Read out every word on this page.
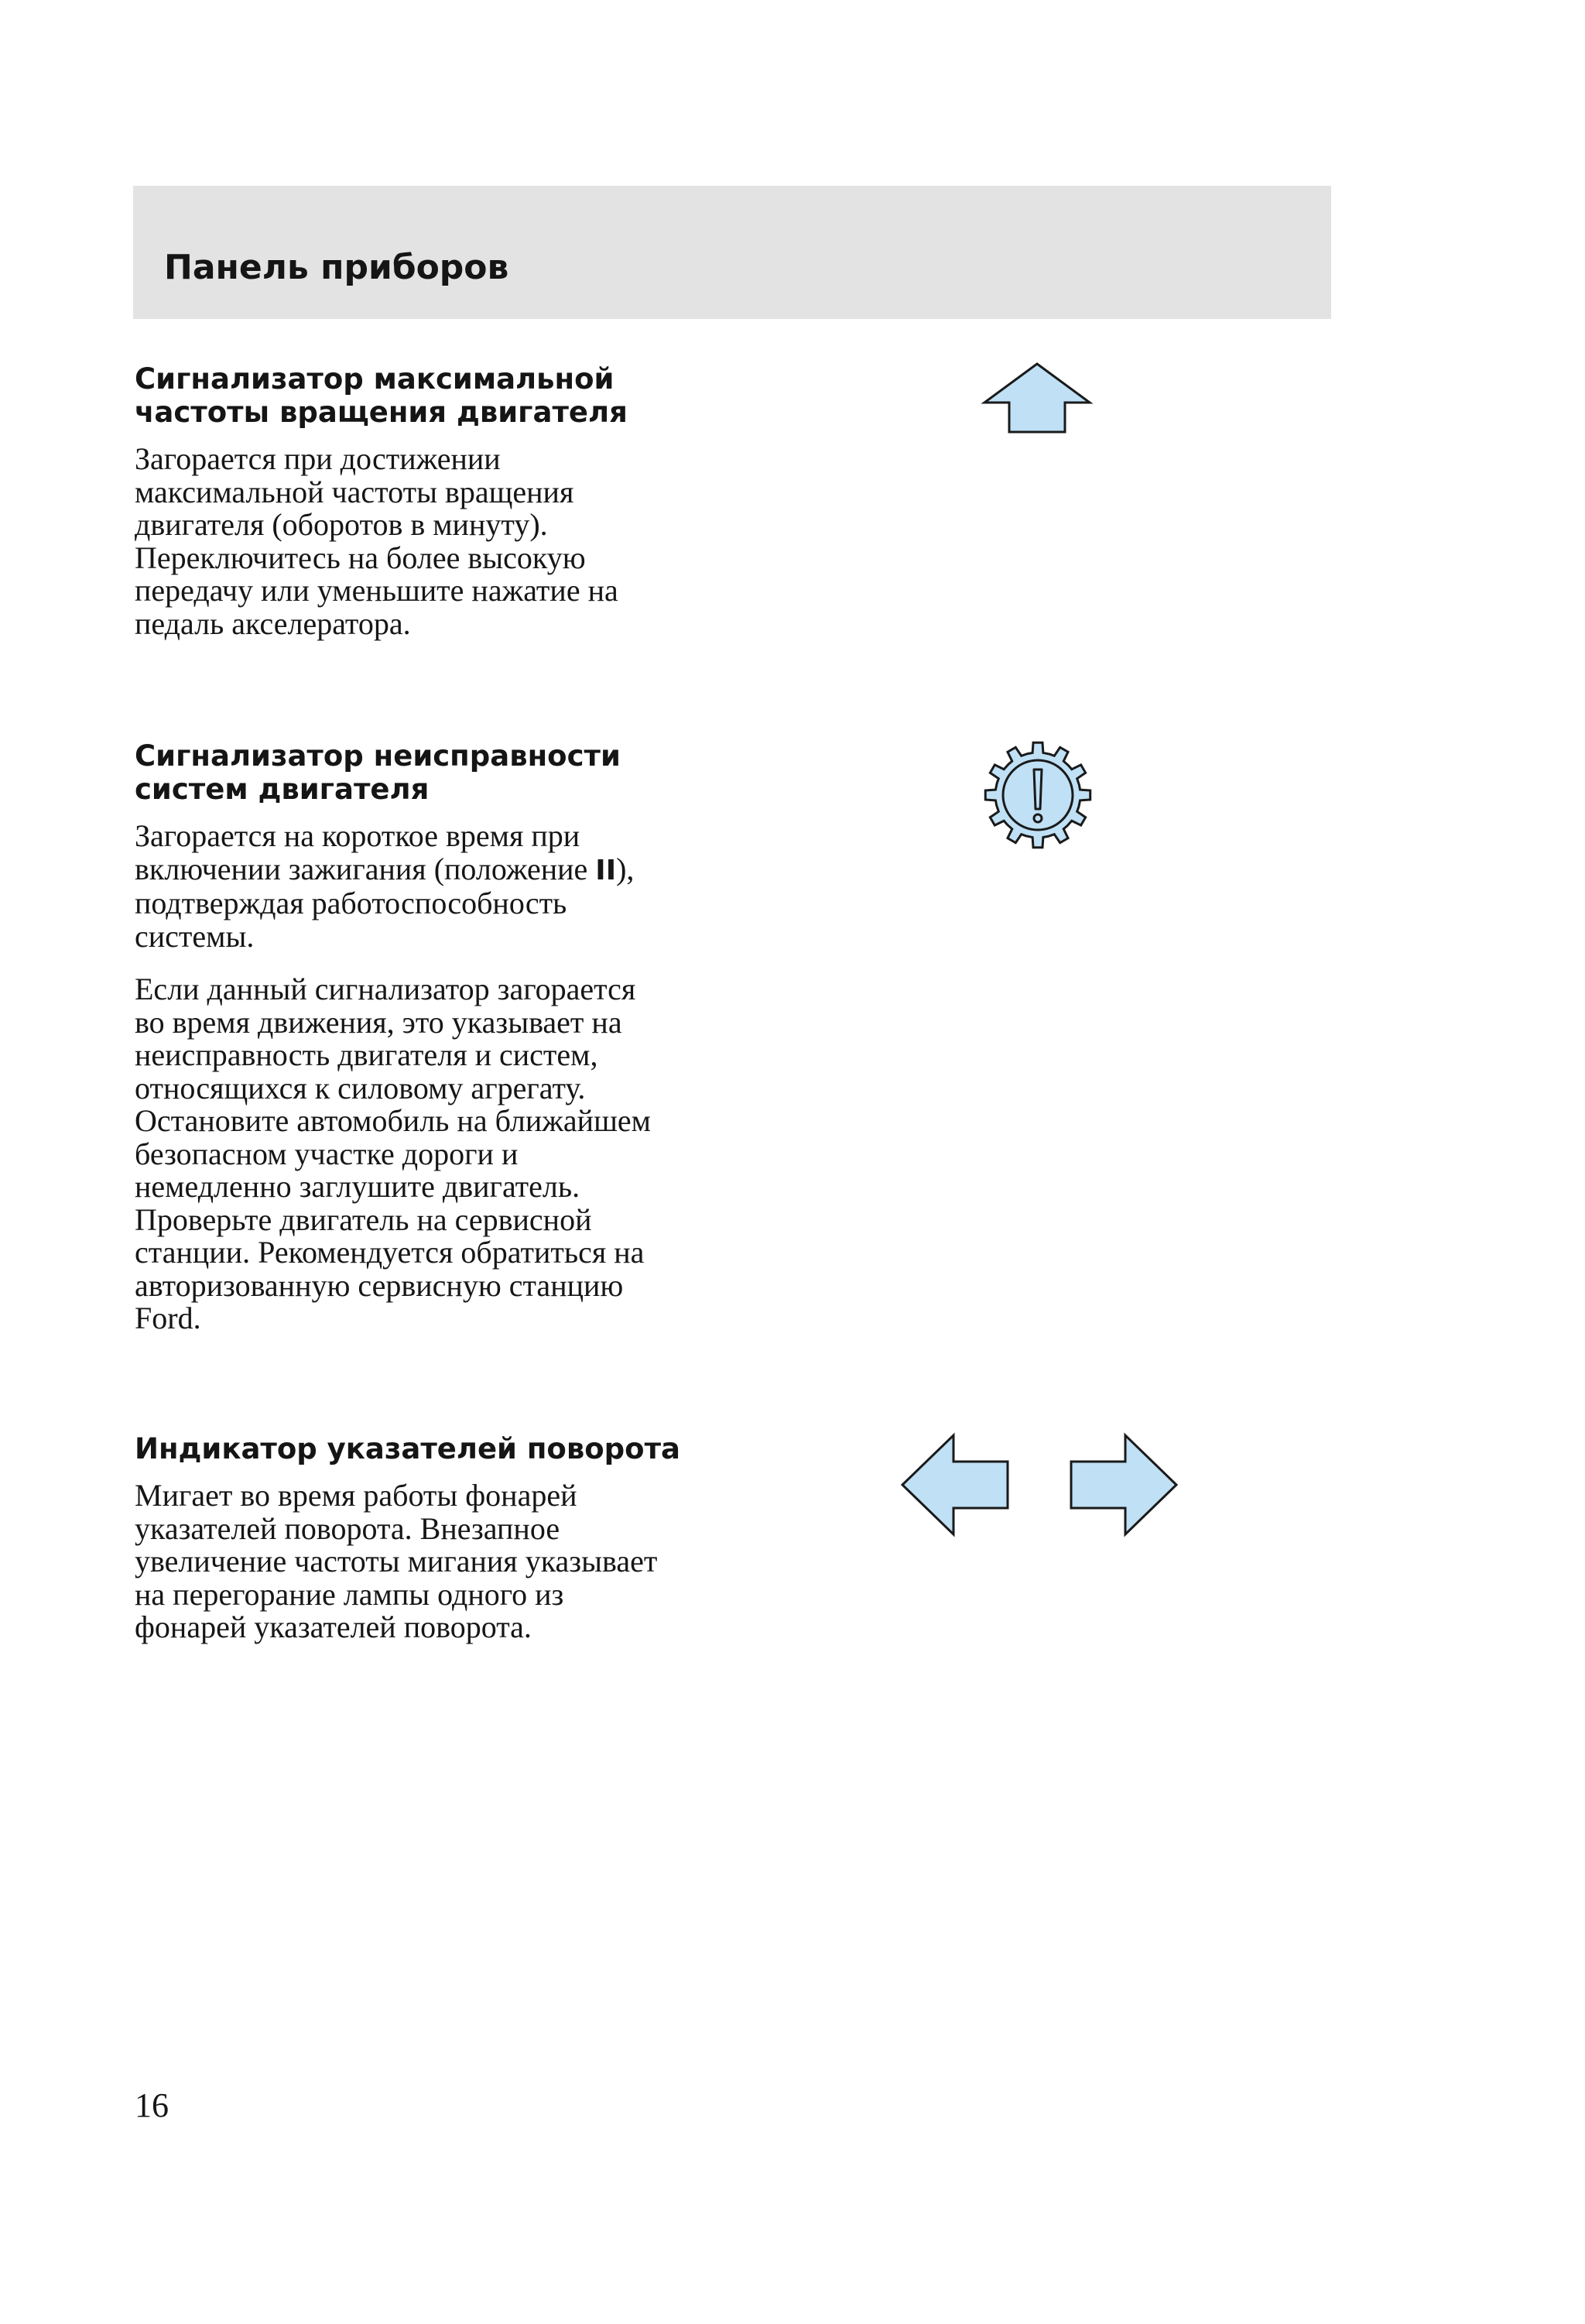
Панель приборов
Сигнализатор максимальной
частоты вращения двигателя

Загорается при достижении
максимальной частоты вращения
двигателя (оборотов в минуту).
Переключитесь на более высокую
передачу или уменьшите нажатие на
педаль акселератора.

Сигнализатор неисправности
систем двигателя

Загорается на короткое время при
включении зажигания (положение II),
подтверждая работоспособность
системы.

Если данный сигнализатор загорается
во время движения, это указывает на
неисправность двигателя и систем,
относящихся к силовому агрегату.
Остановите автомобиль на ближайшем
безопасном участке дороги и
немедленно заглушите двигатель.
Проверьте двигатель на сервисной
станции. Рекомендуется обратиться на
авторизованную сервисную станцию
Ford.

Индикатор указателей поворота

Мигает во время работы фонарей
указателей поворота. Внезапное
увеличение частоты мигания указывает
на перегорание лампы одного из
фонарей указателей поворота.

16
